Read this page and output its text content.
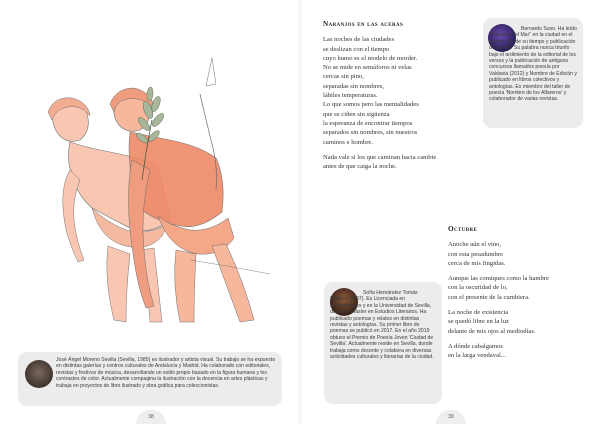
Naranjos en las aceras
Las noches de las ciudades
se deslizan con el tiempo
cuyo humo es el modelo de morder.
No se mide en semáforos ni velas
cercas sin pino,
separadas sin nombres,
lábiles temperaturas.
Lo que somos pero las mentalidades
que se ciñen sin sigüenza
la esperanza de encontrar tiempos
separados sin nombres, sin nuestros
caminos e hombre.
Nada vale si los que caminan hacia cambie
antes de que caiga la noche.
Octubre
Anoche aún el vino,
con esta pesadumbre
cerca de mis fingidas.
Aunque las comiques como la hambre
con la oscuridad de lo,
con el presente de la cumbiera.
La noche de existencia
se quedó libre en la luz
delante de mis ojos al mediodías.
A dónde cabalgamos
en la larga vendaval...
Bernardo Suso. Ha leído "Palabras del Mar" en la ciudad en el mismo año de su tiempo y publicación de Sevilla. Su palabra nunca triunfo bajo el ardimiento de la editorial de los versos y la publicación de antiguos concursos llamados poesía por Valdavia (2012) y Nombre de Edición y publicado en libros colectivos y antologías. Es miembro del taller de poesía 'Nombre de los Alfareros' y colaborador de varias revistas.
Sofía Hernández Tomás (Gelves, 1997). Es Licenciada en Humanidades y en la Universidad de Sevilla, donde el Máster en Estudios Literarios. Ha publicado poemas y relatos en distintas revistas y antologías. Su primer libro de poemas se publicó en 2017. En el año 2019 obtuvo el Premio de Poesía Joven 'Ciudad de Sevilla'. Actualmente reside en Sevilla, donde trabaja como docente y colabora en diversas actividades culturales y literarias de la ciudad.
José Ángel Moreno Sevilla (Sevilla, 1985) es ilustrador y artista visual. Su trabajo se ha expuesto en distintas galerías y centros culturales de Andalucía y Madrid. Ha colaborado con editoriales, revistas y festivos de música, desarrollando un estilo propio basado en la figura humana y los contrastes de color. Actualmente compagina la ilustración con la docencia en artes plásticas y trabaja en proyectos de libro ilustrado y obra gráfica para coleccionistas.
38	39
